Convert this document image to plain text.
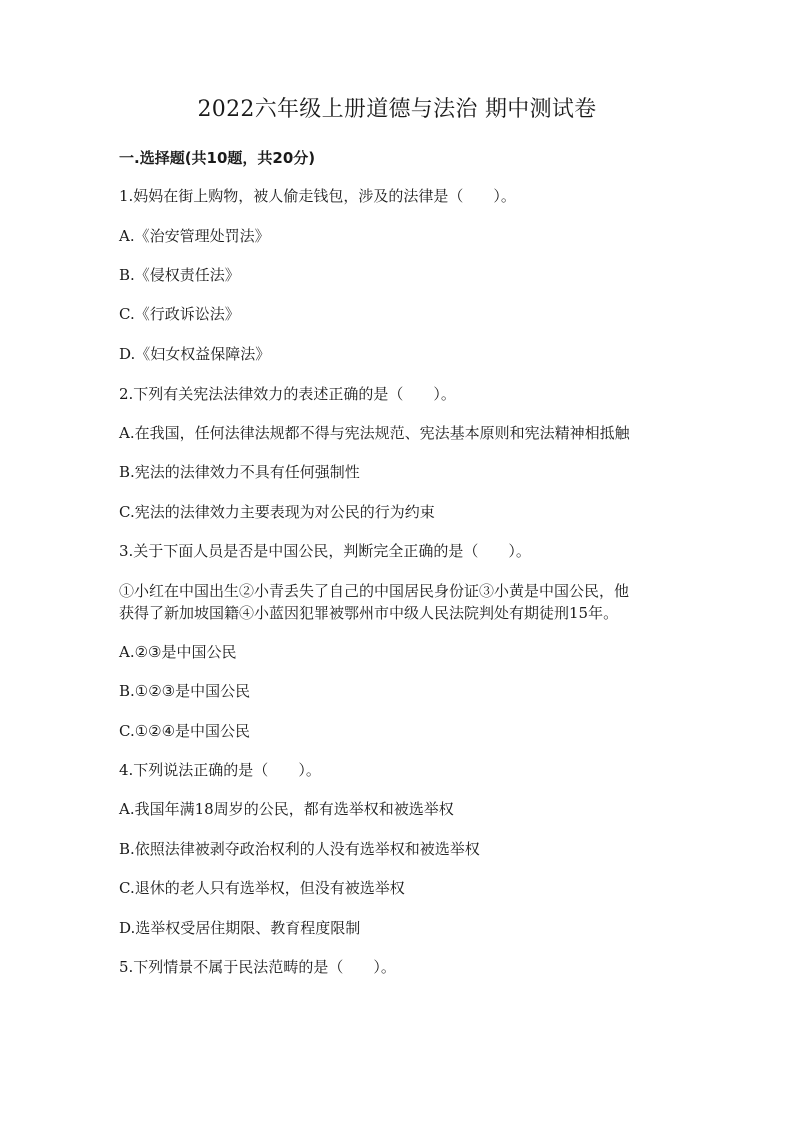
2022六年级上册道德与法治 期中测试卷
一.选择题(共10题，共20分)
1.妈妈在街上购物，被人偷走钱包，涉及的法律是（　　）。
A.《治安管理处罚法》
B.《侵权责任法》
C.《行政诉讼法》
D.《妇女权益保障法》
2.下列有关宪法法律效力的表述正确的是（　　）。
A.在我国，任何法律法规都不得与宪法规范、宪法基本原则和宪法精神相抵触
B.宪法的法律效力不具有任何强制性
C.宪法的法律效力主要表现为对公民的行为约束
3.关于下面人员是否是中国公民，判断完全正确的是（　　）。
①小红在中国出生②小青丢失了自己的中国居民身份证③小黄是中国公民，他
获得了新加坡国籍④小蓝因犯罪被鄂州市中级人民法院判处有期徒刑15年。
A.②③是中国公民
B.①②③是中国公民
C.①②④是中国公民
4.下列说法正确的是（　　）。
A.我国年满18周岁的公民，都有选举权和被选举权
B.依照法律被剥夺政治权利的人没有选举权和被选举权
C.退休的老人只有选举权，但没有被选举权
D.选举权受居住期限、教育程度限制
5.下列情景不属于民法范畴的是（　　）。
